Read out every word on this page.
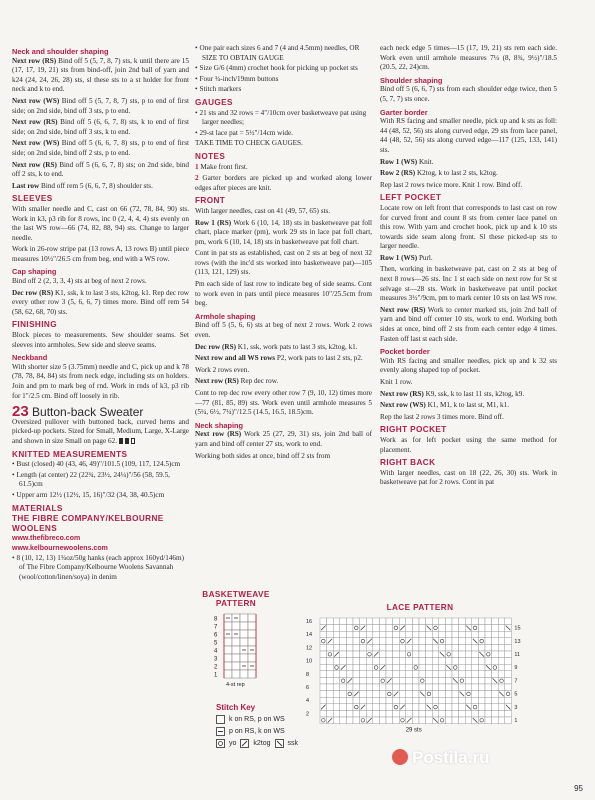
Neck and shoulder shaping

Next row (RS) Bind off 5 (5, 7, 8, 7) sts, k until there are 15 (17, 17, 19, 21) sts from bind-off, join 2nd ball of yarn and k24 (24, 24, 26, 28) sts, sl these sts to a st holder for front neck and k to end.

Next row (WS) Bind off 5 (5, 7, 8, 7) sts, p to end of first side; on 2nd side, bind off 3 sts, p to end.

Next row (RS) Bind off 5 (6, 6, 7, 8) sts, k to end of first side; on 2nd side, bind off 3 sts, k to end.

Next row (WS) Bind off 5 (6, 6, 7, 8) sts, p to end of first side; on 2nd side, bind off 2 sts, p to end.

Next row (RS) Bind off 5 (6, 6, 7, 8) sts; on 2nd side, bind off 2 sts, k to end.

Last row Bind off rem 5 (6, 6, 7, 8) shoulder sts.

SLEEVES

With smaller needle and C, cast on 66 (72, 78, 84, 90) sts. Work in k3, p3 rib for 8 rows, inc 0 (2, 4, 4, 4) sts evenly on the last WS row—66 (74, 82, 88, 94) sts. Change to larger needle.

Work in 26-row stripe pat (13 rows A, 13 rows B) until piece measures 10½"/26.5 cm from beg, end with a WS row.

Cap shaping

Bind off 2 (2, 3, 3, 4) sts at beg of next 2 rows.

Dec row (RS) K1, ssk, k to last 3 sts, k2tog, k1. Rep dec row every other row 3 (5, 6, 6, 7) times more. Bind off rem 54 (58, 62, 68, 70) sts.

FINISHING

Block pieces to measurements. Sew shoulder seams. Set sleeves into armholes. Sew side and sleeve seams.

Neckband

With shorter size 5 (3.75mm) needle and C, pick up and k 78 (78, 78, 84, 84) sts from neck edge, including sts on holders. Join and pm to mark beg of rnd. Work in rnds of k3, p3 rib for 1"/2.5 cm. Bind off loosely in rib.

23 Button-back Sweater

Oversized pullover with buttoned back, curved hems and picked-up pockets. Sized for Small, Medium, Large, X-Large and shown in size Small on page 62.

KNITTED MEASUREMENTS
• Bust (closed) 40 (43, 46, 49)"/101.5 (109, 117, 124.5)cm
• Length (at center) 22 (22¾, 23½, 24¼)"/56 (58, 59.5, 61.5)cm
• Upper arm 12½ (12½, 15, 16)"/32 (34, 38, 40.5)cm
MATERIALS
THE FIBRE COMPANY/KELBOURNE WOOLENS
www.thefibreco.com
www.kelbournewoolens.com
• 8 (10, 12, 13) 1¾oz/50g hanks (each approx 160yd/146m) of The Fibre Company/Kelbourne Woolens Savannah (wool/cotton/linen/soya) in denim
• One pair each sizes 6 and 7 (4 and 4.5mm) needles, OR SIZE TO OBTAIN GAUGE
• Size G/6 (4mm) crochet hook for picking up pocket sts
• Four ¾-inch/19mm buttons
• Stitch markers
GAUGES
• 21 sts and 32 rows = 4"/10cm over basketweave pat using larger needles;
• 29-st lace pat = 5½"/14cm wide.

TAKE TIME TO CHECK GAUGES.

NOTES
1 Make front first.
2 Garter borders are picked up and worked along lower edges after pieces are knit.
FRONT

With larger needles, cast on 41 (49, 57, 65) sts.

Row 1 (RS) Work 6 (10, 14, 18) sts in basketweave pat foll chart, place marker (pm), work 29 sts in lace pat foll chart, pm, work 6 (10, 14, 18) sts in basketweave pat foll chart.

Cont in pat sts as established, cast on 2 sts at beg of next 32 rows (with the inc'd sts worked into basketweave pat)—105 (113, 121, 129) sts.

Pm each side of last row to indicate beg of side seams. Cont to work even in pats until piece measures 10"/25.5cm from beg.

Armhole shaping

Bind off 5 (5, 6, 6) sts at beg of next 2 rows. Work 2 rows even.

Dec row (RS) K1, ssk, work pats to last 3 sts, k2tog, k1.

Next row and all WS rows P2, work pats to last 2 sts, p2.

Work 2 rows even.

Next row (RS) Rep dec row.

Cont to rep dec row every other row 7 (9, 10, 12) times more—77 (81, 85, 89) sts. Work even until armhole measures 5 (5¼, 6½, 7¼)"/12.5 (14.5, 16.5, 18.5)cm.

Neck shaping

Next row (RS) Work 25 (27, 29, 31) sts, join 2nd ball of yarn and bind off center 27 sts, work to end.

Working both sides at once, bind off 2 sts from

each neck edge 5 times—15 (17, 19, 21) sts rem each side. Work even until armhole measures 7¼ (8, 8¾, 9½)"/18.5 (20.5, 22, 24)cm.

Shoulder shaping

Bind off 5 (6, 6, 7) sts from each shoulder edge twice, then 5 (5, 7, 7) sts once.

Garter border

With RS facing and smaller needle, pick up and k sts as foll: 44 (48, 52, 56) sts along curved edge, 29 sts from lace panel, 44 (48, 52, 56) sts along curved edge—117 (125, 133, 141) sts.

Row 1 (WS) Knit.

Row 2 (RS) K2tog, k to last 2 sts, k2tog.

Rep last 2 rows twice more. Knit 1 row. Bind off.

LEFT POCKET

Locate row on left front that corresponds to last cast on row for curved front and count 8 sts from center lace panel on this row. With yarn and crochet hook, pick up and k 10 sts towards side seam along front. Sl these picked-up sts to larger needle.

Row 1 (WS) Purl.

Then, working in basketweave pat, cast on 2 sts at beg of next 8 rows—26 sts. Inc 1 st each side on next row for St st selvage st—28 sts. Work in basketweave pat until pocket measures 3½"/9cm, pm to mark center 10 sts on last WS row.

Next row (RS) Work to center marked sts, join 2nd ball of yarn and bind off center 10 sts, work to end. Working both sides at once, bind off 2 sts from each center edge 4 times. Fasten off last st each side.

Pocket border

With RS facing and smaller needles, pick up and k 32 sts evenly along shaped top of pocket.

Knit 1 row.

Next row (RS) K9, ssk, k to last 11 sts, k2tog, k9.

Next row (WS) K1, M1, k to last st, M1, k1.

Rep the last 2 rows 3 times more. Bind off.

RIGHT POCKET

Work as for left pocket using the same method for placement.

RIGHT BACK

With larger needles, cast on 18 (22, 26, 30) sts. Work in basketweave pat for 2 rows. Cont in pat

BASKETWEAVE
PATTERN
8
7
6
5
4
3
2
1
4-st rep
LACE PATTERN
16
14
12
10
8
6
4
2
15
13
11
9
7
5
3
1
29 sts
Stitch Key
k on RS, p on WS
p on RS, k on WS
yo k2tog ssk
Postila.ru
95
